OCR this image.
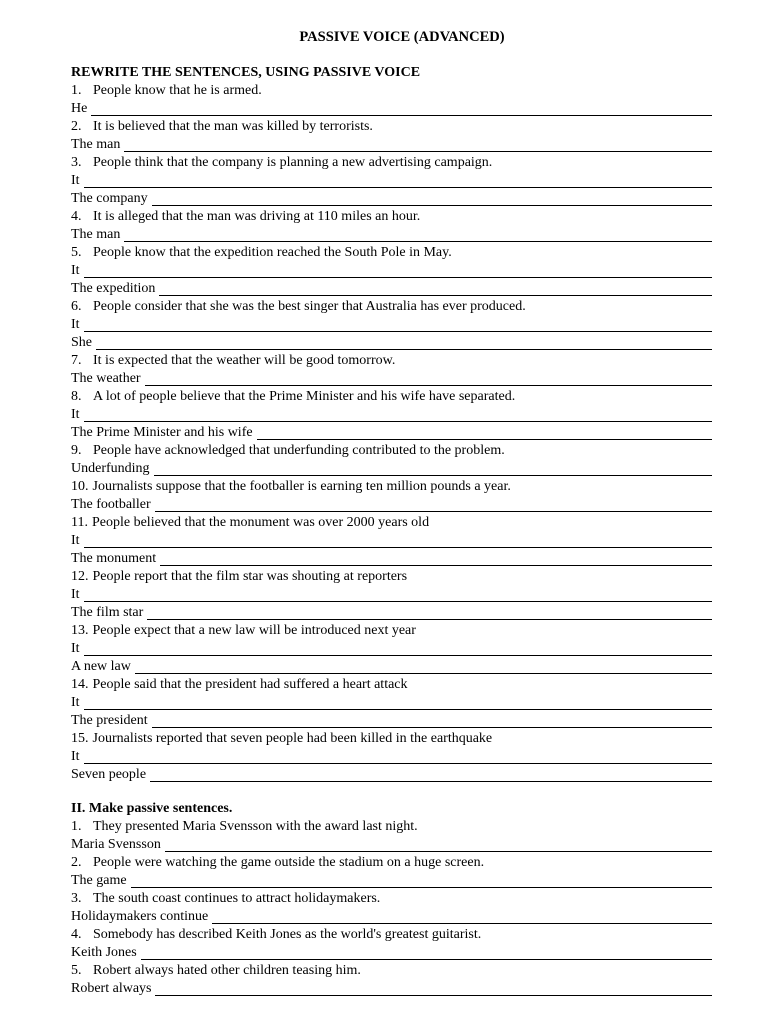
PASSIVE VOICE (ADVANCED)
REWRITE THE SENTENCES, USING PASSIVE VOICE
1. People know that he is armed.
He
2. It is believed that the man was killed by terrorists.
The man
3. People think that the company is planning a new advertising campaign.
It
The company
4. It is alleged that the man was driving at 110 miles an hour.
The man
5. People know that the expedition reached the South Pole in May.
It
The expedition
6. People consider that she was the best singer that Australia has ever produced.
It
She
7. It is expected that the weather will be good tomorrow.
The weather
8. A lot of people believe that the Prime Minister and his wife have separated.
It
The Prime Minister and his wife
9. People have acknowledged that underfunding contributed to the problem.
Underfunding
10. Journalists suppose that the footballer is earning ten million pounds a year.
The footballer
11. People believed that the monument was over 2000 years old
It
The monument
12. People report that the film star was shouting at reporters
It
The film star
13. People expect that a new law will be introduced next year
It
A new law
14. People said that the president had suffered a heart attack
It
The president
15. Journalists reported that seven people had been killed in the earthquake
It
Seven people
II. Make passive sentences.
1. They presented Maria Svensson with the award last night.
Maria Svensson
2. People were watching the game outside the stadium on a huge screen.
The game
3. The south coast continues to attract holidaymakers.
Holidaymakers continue
4. Somebody has described Keith Jones as the world's greatest guitarist.
Keith Jones
5. Robert always hated other children teasing him.
Robert always
